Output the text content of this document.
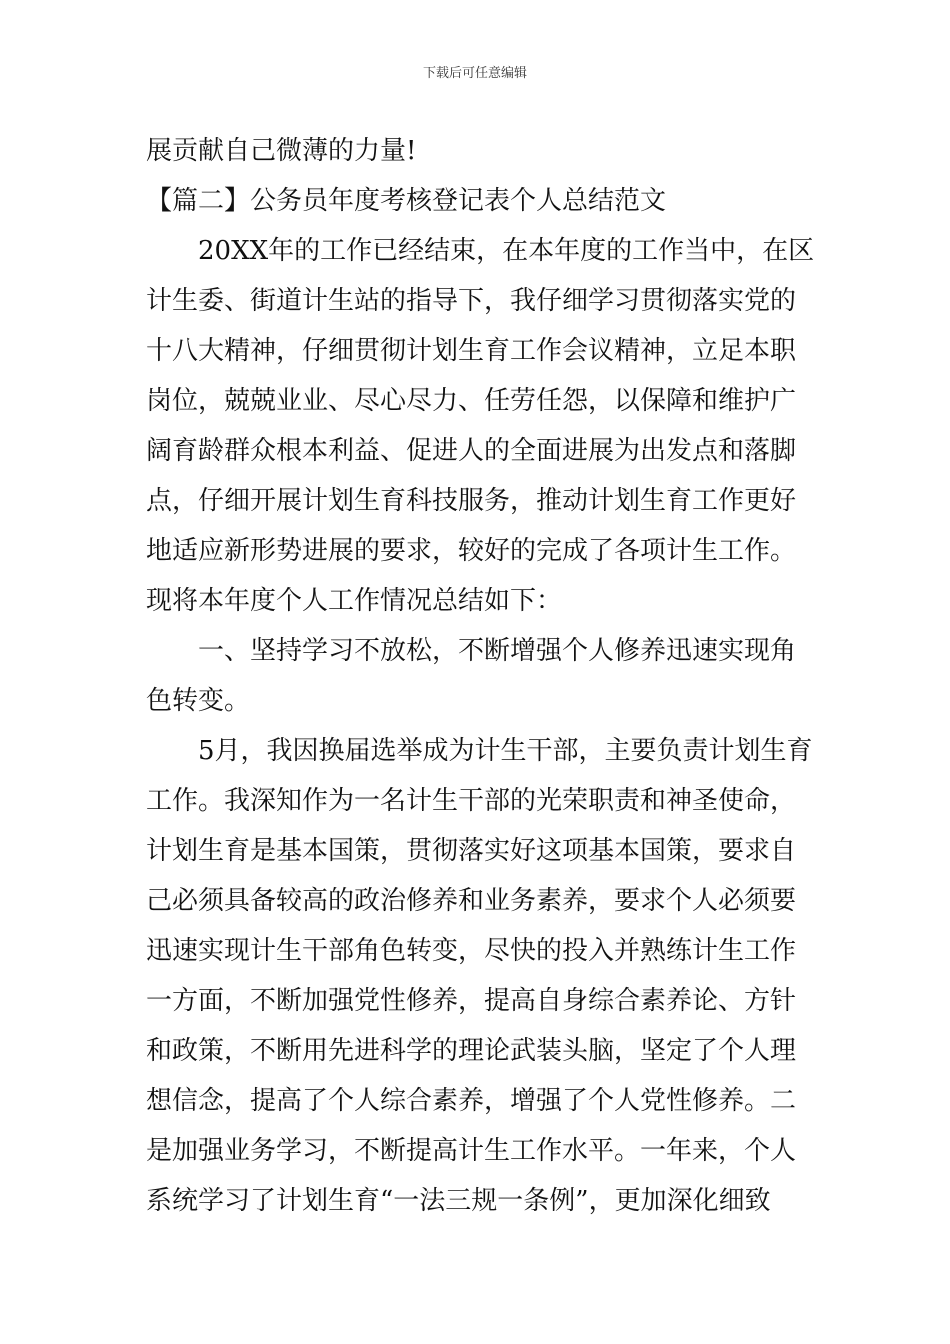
下载后可任意编辑
展贡献自己微薄的力量!
【篇二】公务员年度考核登记表个人总结范文
20XX年的工作已经结束，在本年度的工作当中，在区
计生委、街道计生站的指导下，我仔细学习贯彻落实党的
十八大精神，仔细贯彻计划生育工作会议精神，立足本职
岗位，兢兢业业、尽心尽力、任劳任怨，以保障和维护广
阔育龄群众根本利益、促进人的全面进展为出发点和落脚
点，仔细开展计划生育科技服务，推动计划生育工作更好
地适应新形势进展的要求，较好的完成了各项计生工作。
现将本年度个人工作情况总结如下：
一、坚持学习不放松，不断增强个人修养迅速实现角
色转变。
5月，我因换届选举成为计生干部，主要负责计划生育
工作。我深知作为一名计生干部的光荣职责和神圣使命，
计划生育是基本国策，贯彻落实好这项基本国策，要求自
己必须具备较高的政治修养和业务素养，要求个人必须要
迅速实现计生干部角色转变，尽快的投入并熟练计生工作
一方面，不断加强党性修养，提高自身综合素养论、方针
和政策，不断用先进科学的理论武装头脑，坚定了个人理
想信念，提高了个人综合素养，增强了个人党性修养。二
是加强业务学习，不断提高计生工作水平。一年来，个人
系统学习了计划生育“一法三规一条例”，更加深化细致
